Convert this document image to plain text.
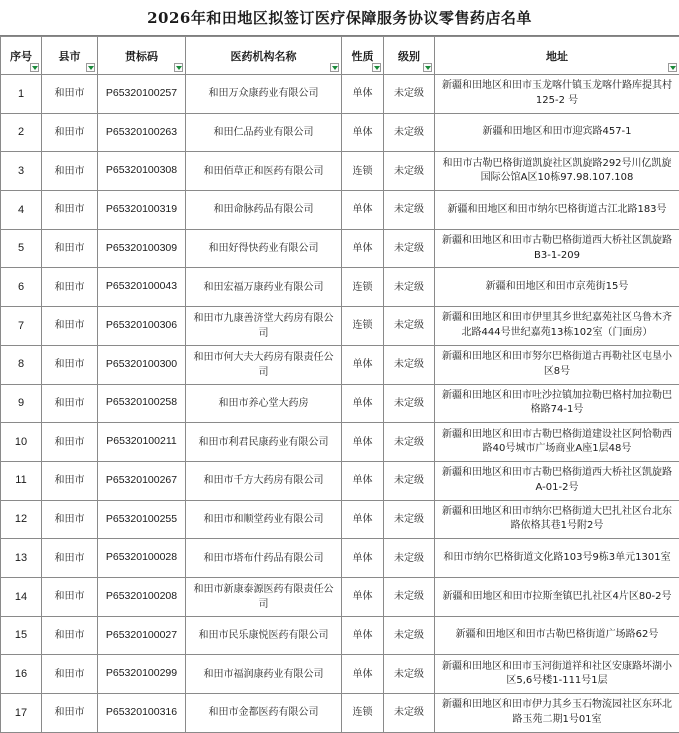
2026年和田地区拟签订医疗保障服务协议零售药店名单
序号	县市	贯标码	医药机构名称	性质	级别	地址

1	和田市	P65320100257	和田万众康药业有限公司	单体	未定级	新疆和田地区和田市玉龙喀什镇玉龙喀什路库提其村 125-2 号
2	和田市	P65320100263	和田仁品药业有限公司	单体	未定级	新疆和田地区和田市迎宾路457-1
3	和田市	P65320100308	和田佰草正和医药有限公司	连锁	未定级	和田市古勒巴格街道凯旋社区凯旋路292号川亿凯旋国际公馆A区10栋97.98.107.108
4	和田市	P65320100319	和田命脉药品有限公司	单体	未定级	新疆和田地区和田市纳尔巴格街道古江北路183号
5	和田市	P65320100309	和田好得快药业有限公司	单体	未定级	新疆和田地区和田市古勒巴格街道西大桥社区凯旋路B3-1-209
6	和田市	P65320100043	和田宏福万康药业有限公司	连锁	未定级	新疆和田地区和田市京苑街15号
7	和田市	P65320100306	和田市九康善济堂大药房有限公司	连锁	未定级	新疆和田地区和田市伊里其乡世纪嘉苑社区乌鲁木齐北路444号世纪嘉苑13栋102室（门面房）
8	和田市	P65320100300	和田市何大夫大药房有限责任公司	单体	未定级	新疆和田地区和田市努尔巴格街道古再勒社区屯垦小区8号
9	和田市	P65320100258	和田市养心堂大药房	单体	未定级	新疆和田地区和田市吐沙拉镇加拉勒巴格村加拉勒巴格路74-1号
10	和田市	P65320100211	和田市利君民康药业有限公司	单体	未定级	新疆和田地区和田市古勒巴格街道建设社区阿恰勒西路40号城市广场商业A座1层48号
11	和田市	P65320100267	和田市千方大药房有限公司	单体	未定级	新疆和田地区和田市古勒巴格街道西大桥社区凯旋路A-01-2号
12	和田市	P65320100255	和田市和顺堂药业有限公司	单体	未定级	新疆和田地区和田市纳尔巴格街道大巴扎社区台北东路依格其巷1号附2号
13	和田市	P65320100028	和田市塔布什药品有限公司	单体	未定级	和田市纳尔巴格街道文化路103号9栋3单元1301室
14	和田市	P65320100208	和田市新康泰源医药有限责任公司	单体	未定级	新疆和田地区和田市拉斯奎镇巴扎社区4片区80-2号
15	和田市	P65320100027	和田市民乐康悦医药有限公司	单体	未定级	新疆和田地区和田市古勒巴格街道广场路62号
16	和田市	P65320100299	和田市福润康药业有限公司	单体	未定级	新疆和田地区和田市玉河街道祥和社区安康路坏湖小区5,6号楼1-111号1层
17	和田市	P65320100316	和田市金都医药有限公司	连锁	未定级	新疆和田地区和田市伊力其乡玉石物流园社区东环北路玉苑二期1号01室
